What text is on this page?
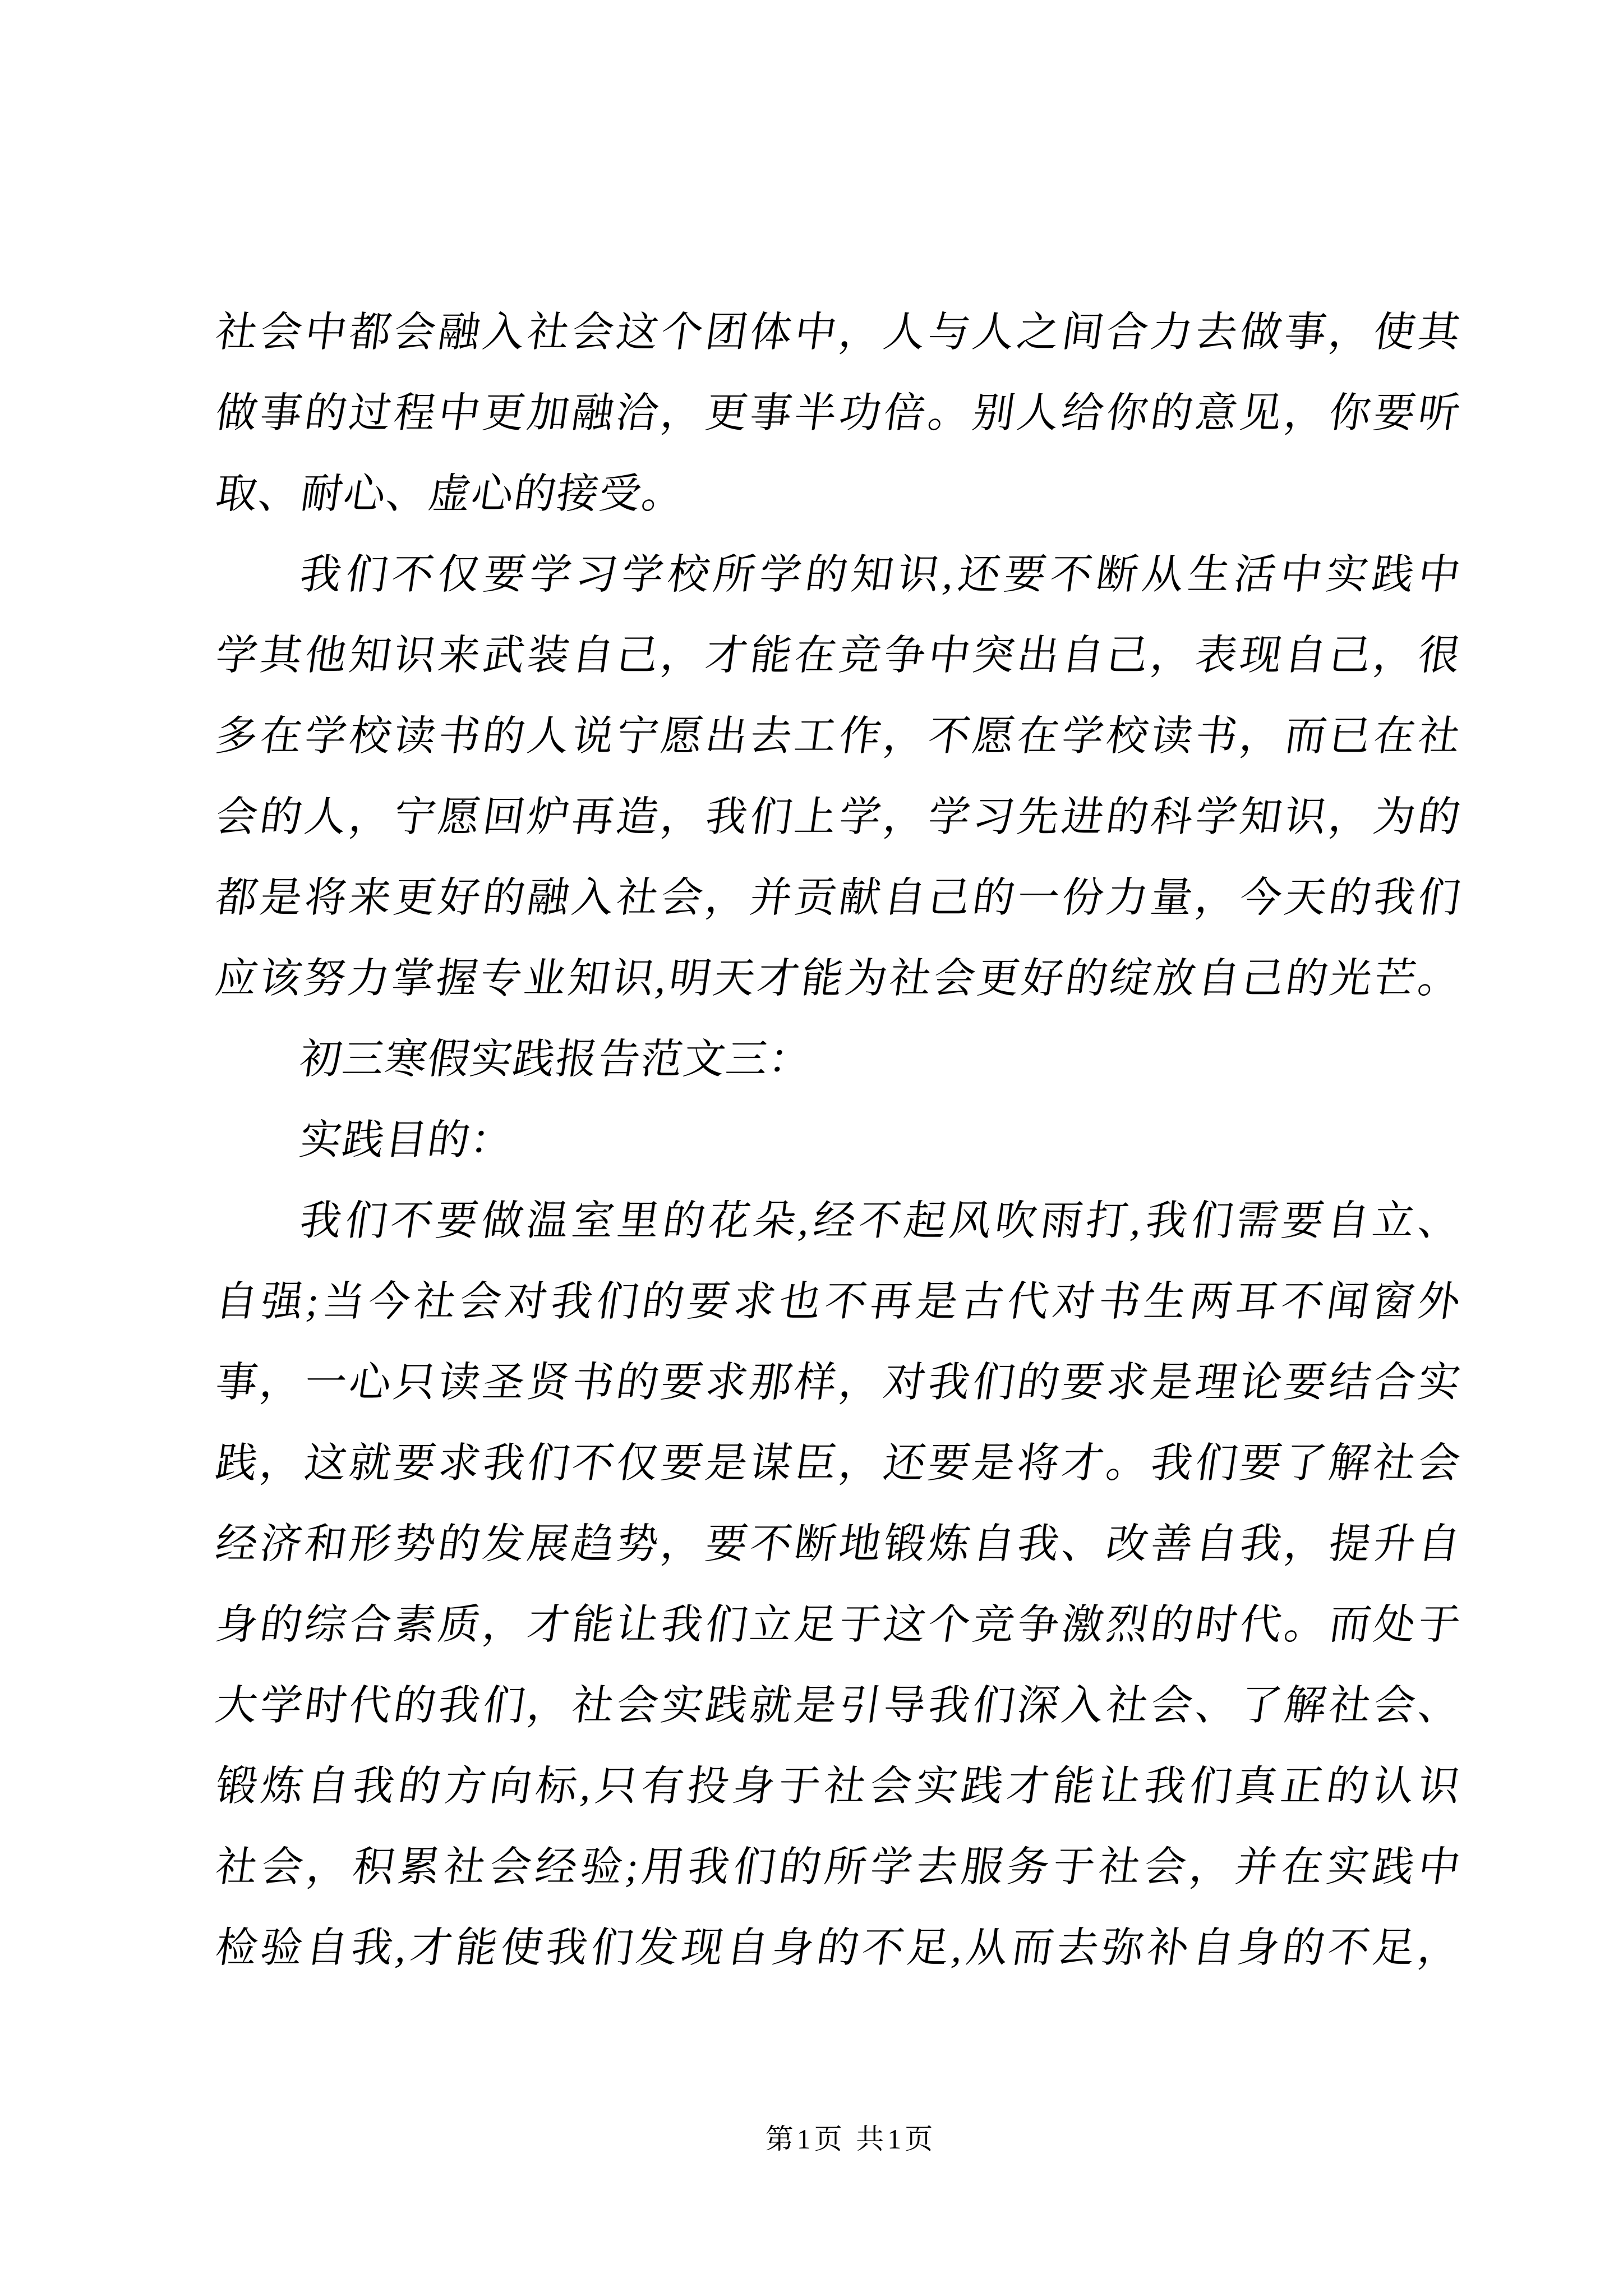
社会中都会融入社会这个团体中，人与人之间合力去做事，使其
做事的过程中更加融洽，更事半功倍。别人给你的意见，你要听
取、耐心、虚心的接受。
我们不仅要学习学校所学的知识,还要不断从生活中实践中
学其他知识来武装自己，才能在竞争中突出自己，表现自己，很
多在学校读书的人说宁愿出去工作，不愿在学校读书，而已在社
会的人，宁愿回炉再造，我们上学，学习先进的科学知识，为的
都是将来更好的融入社会，并贡献自己的一份力量，今天的我们
应该努力掌握专业知识,明天才能为社会更好的绽放自己的光芒。
初三寒假实践报告范文三：
实践目的：
我们不要做温室里的花朵,经不起风吹雨打,我们需要自立、
自强;当今社会对我们的要求也不再是古代对书生两耳不闻窗外
事，一心只读圣贤书的要求那样，对我们的要求是理论要结合实
践，这就要求我们不仅要是谋臣，还要是将才。我们要了解社会
经济和形势的发展趋势，要不断地锻炼自我、改善自我，提升自
身的综合素质，才能让我们立足于这个竞争激烈的时代。而处于
大学时代的我们，社会实践就是引导我们深入社会、了解社会、
锻炼自我的方向标,只有投身于社会实践才能让我们真正的认识
社会，积累社会经验;用我们的所学去服务于社会，并在实践中
检验自我,才能使我们发现自身的不足,从而去弥补自身的不足，
第1页 共1页
